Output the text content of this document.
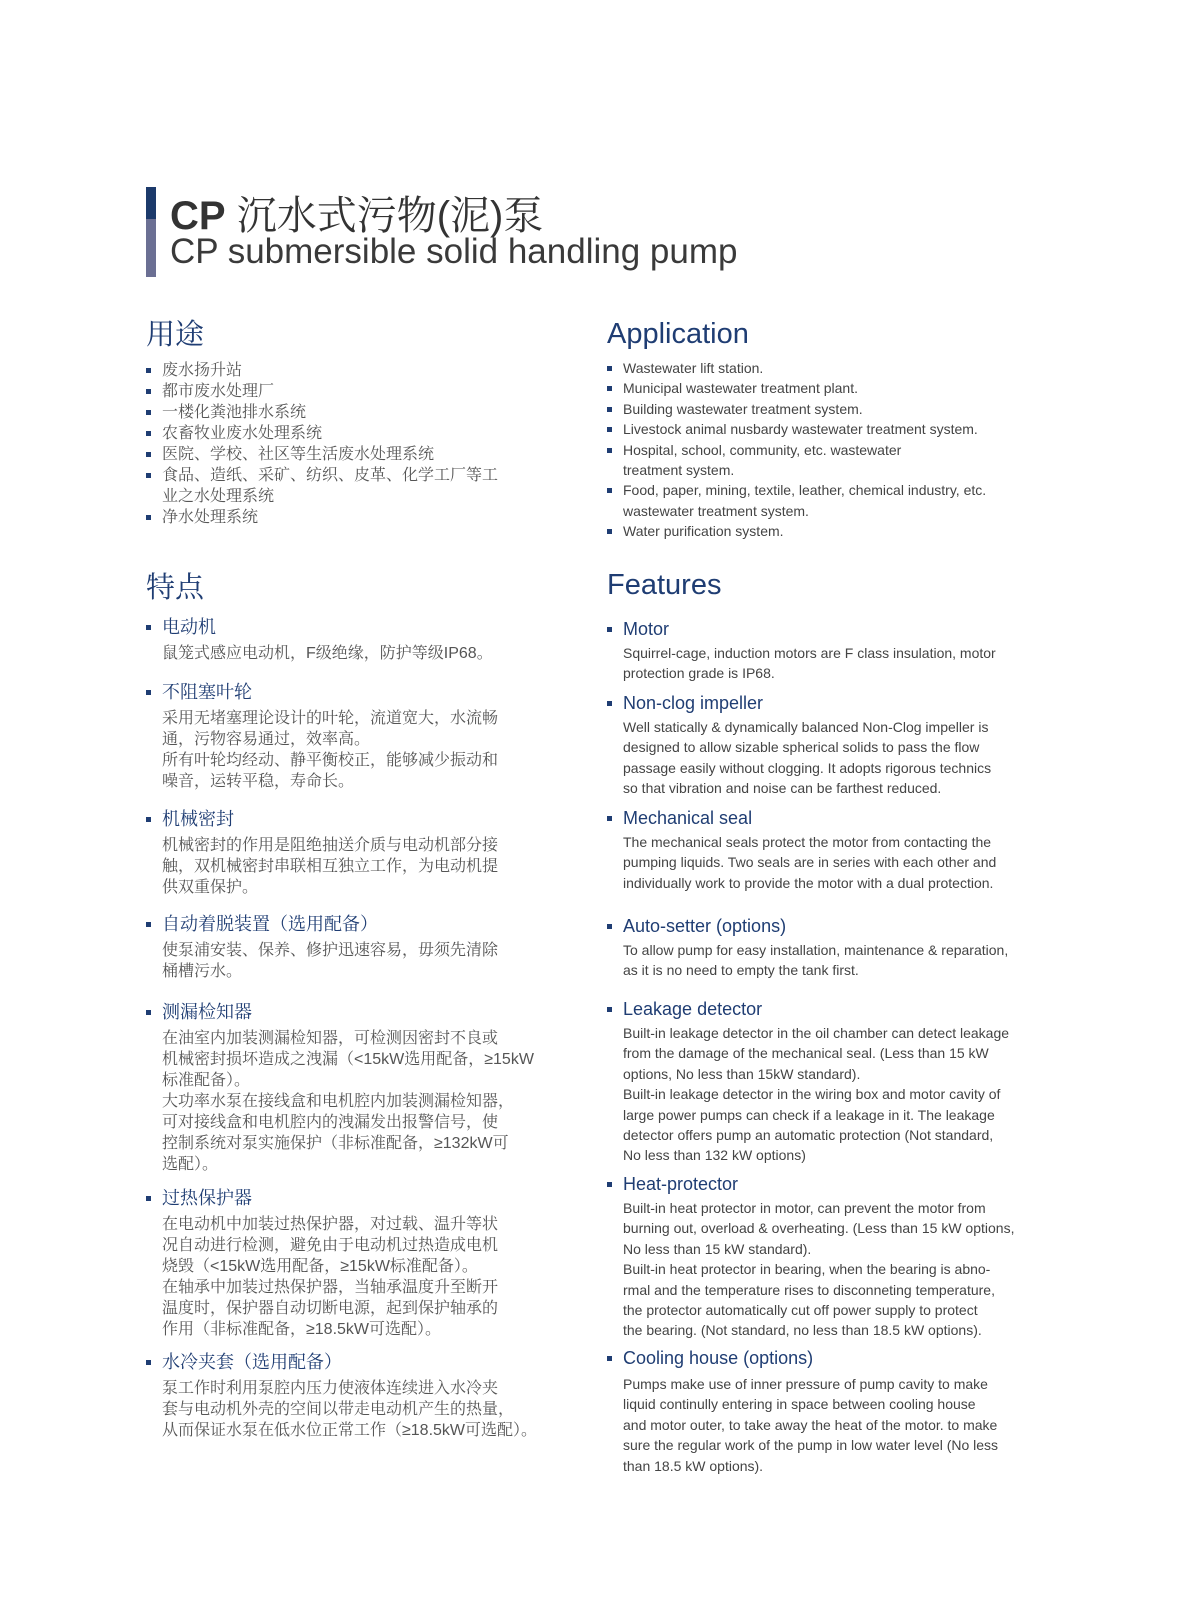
CP 沉水式污物(泥)泵
CP submersible solid handling pump
用途
废水扬升站
都市废水处理厂
一楼化粪池排水系统
农畜牧业废水处理系统
医院、学校、社区等生活废水处理系统
食品、造纸、采矿、纺织、皮革、化学工厂等工
业之水处理系统
净水处理系统
特点
电动机
鼠笼式感应电动机，F级绝缘，防护等级IP68。
不阻塞叶轮
采用无堵塞理论设计的叶轮，流道宽大，水流畅
通，污物容易通过，效率高。
所有叶轮均经动、静平衡校正，能够减少振动和
噪音，运转平稳，寿命长。
机械密封
机械密封的作用是阻绝抽送介质与电动机部分接
触，双机械密封串联相互独立工作，为电动机提
供双重保护。
自动着脱装置（选用配备）
使泵浦安装、保养、修护迅速容易，毋须先清除
桶槽污水。
测漏检知器
在油室内加装测漏检知器，可检测因密封不良或
机械密封损坏造成之洩漏（<15kW选用配备，≥15kW
标准配备）。
大功率水泵在接线盒和电机腔内加装测漏检知器，
可对接线盒和电机腔内的洩漏发出报警信号，使
控制系统对泵实施保护（非标准配备，≥132kW可
选配）。
过热保护器
在电动机中加装过热保护器，对过载、温升等状
况自动进行检测，避免由于电动机过热造成电机
烧毁（<15kW选用配备，≥15kW标准配备）。
在轴承中加装过热保护器，当轴承温度升至断开
温度时，保护器自动切断电源，起到保护轴承的
作用（非标准配备，≥18.5kW可选配）。
水冷夹套（选用配备）
泵工作时利用泵腔内压力使液体连续进入水冷夹
套与电动机外壳的空间以带走电动机产生的热量，
从而保证水泵在低水位正常工作（≥18.5kW可选配）。
Application
Wastewater lift station.
Municipal wastewater treatment plant.
Building wastewater treatment system.
Livestock animal nusbardy wastewater treatment system.
Hospital, school, community, etc. wastewater
treatment system.
Food, paper, mining, textile, leather, chemical industry, etc.
wastewater treatment system.
Water purification system.
Features
Motor
Squirrel-cage, induction motors are F class insulation, motor
protection grade is IP68.
Non-clog impeller
Well statically & dynamically balanced Non-Clog impeller is
designed to allow sizable spherical solids to pass the flow
passage easily without clogging. It adopts rigorous technics
so that vibration and noise can be farthest reduced.
Mechanical seal
The mechanical seals protect the motor from contacting the
pumping liquids. Two seals are in series with each other and
individually work to provide the motor with a dual protection.
Auto-setter (options)
To allow pump for easy installation, maintenance & reparation,
as it is no need to empty the tank first.
Leakage detector
Built-in leakage detector in the oil chamber can detect leakage
from the damage of the mechanical seal. (Less than 15 kW
options, No less than 15kW standard).
Built-in leakage detector in the wiring box and motor cavity of
large power pumps can check if a leakage in it. The leakage
detector offers pump an automatic protection (Not standard,
No less than 132 kW options)
Heat-protector
Built-in heat protector in motor, can prevent the motor from
burning out, overload & overheating. (Less than 15 kW options,
No less than 15 kW standard).
Built-in heat protector in bearing, when the bearing is abno-
rmal and the temperature rises to disconneting temperature,
the protector automatically cut off power supply to protect
the bearing. (Not standard, no less than 18.5 kW options).
Cooling house (options)
Pumps make use of inner pressure of pump cavity to make
liquid continully entering in space between cooling house
and motor outer, to take away the heat of the motor. to make
sure the regular work of the pump in low water level (No less
than 18.5 kW options).
